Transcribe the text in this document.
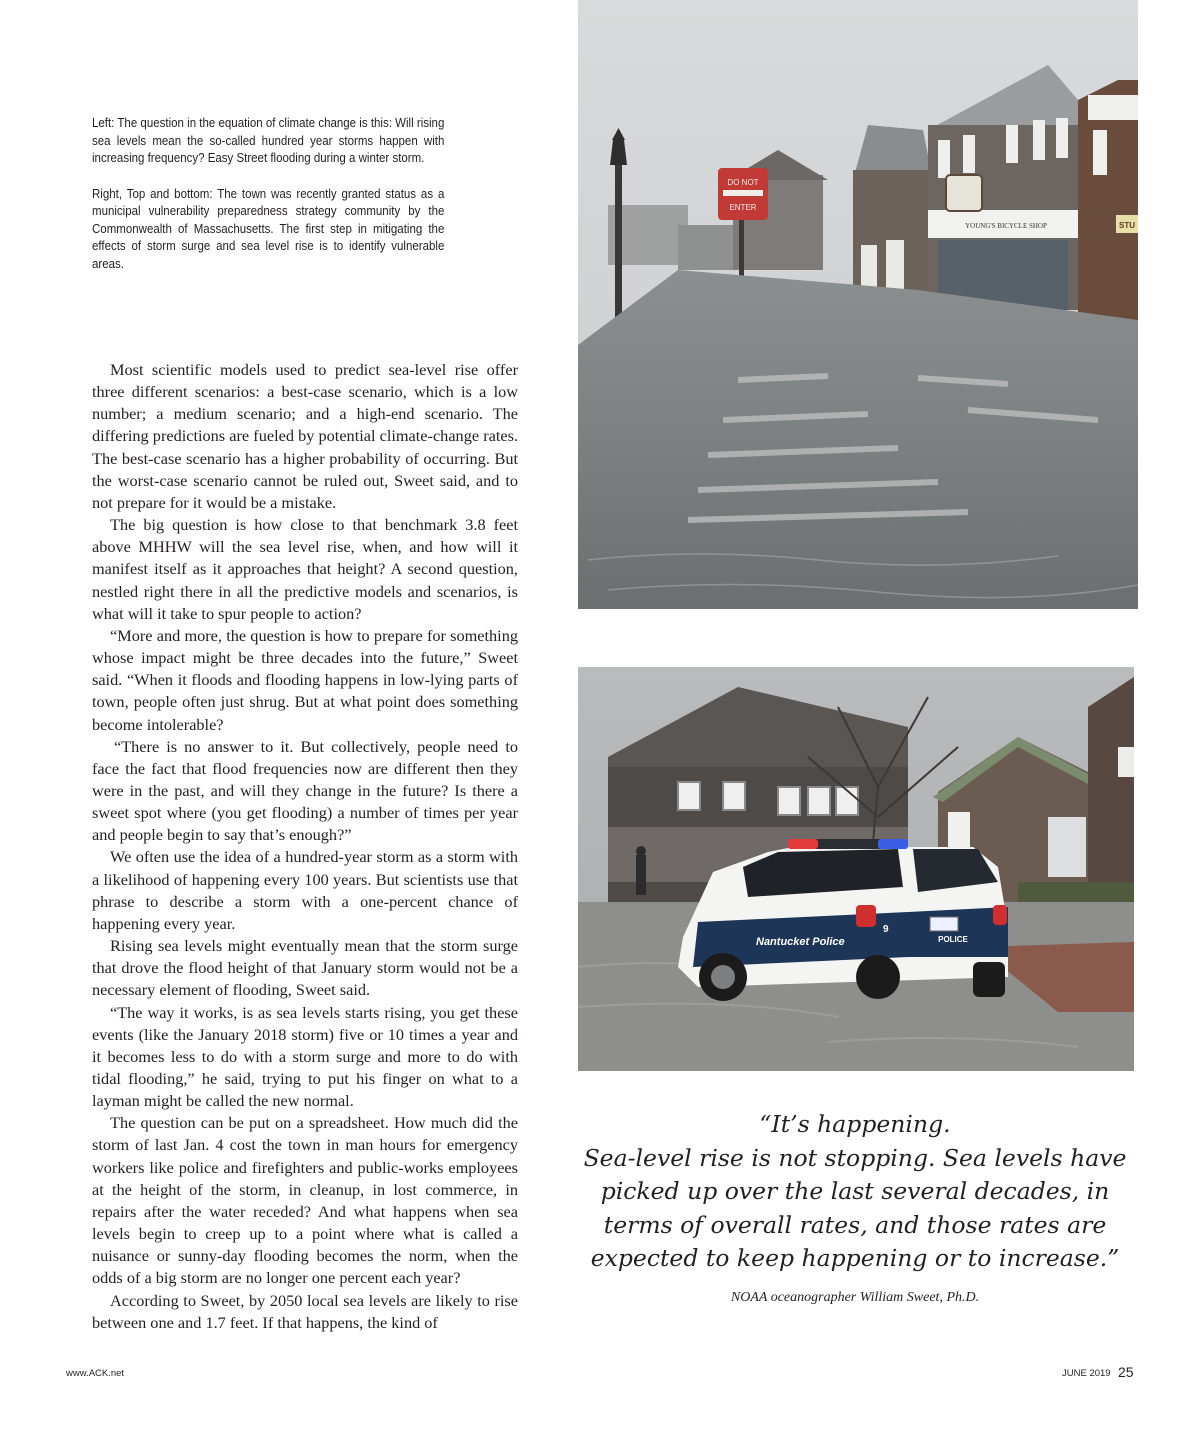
Left: The question in the equation of climate change is this: Will rising sea levels mean the so-called hundred year storms happen with increasing frequency? Easy Street flooding during a winter storm.

Right, Top and bottom: The town was recently granted status as a municipal vulnerability preparedness strategy community by the Commonwealth of Massachusetts. The first step in mitigating the effects of storm surge and sea level rise is to identify vulnerable areas.

Most scientific models used to predict sea-level rise offer three different scenarios: a best-case scenario, which is a low number; a medium scenario; and a high-end scenario. The differing predictions are fueled by potential climate-change rates. The best-case scenario has a higher probability of occurring. But the worst-case scenario cannot be ruled out, Sweet said, and to not prepare for it would be a mistake.

The big question is how close to that benchmark 3.8 feet above MHHW will the sea level rise, when, and how will it manifest itself as it approaches that height? A second question, nestled right there in all the predictive models and scenarios, is what will it take to spur people to action?

“More and more, the question is how to prepare for something whose impact might be three decades into the future,” Sweet said. “When it floods and flooding happens in low-lying parts of town, people often just shrug. But at what point does something become intolerable?

“There is no answer to it. But collectively, people need to face the fact that flood frequencies now are different then they were in the past, and will they change in the future? Is there a sweet spot where (you get flooding) a number of times per year and people begin to say that’s enough?”

We often use the idea of a hundred-year storm as a storm with a likelihood of happening every 100 years. But scientists use that phrase to describe a storm with a one-percent chance of happening every year.

Rising sea levels might eventually mean that the storm surge that drove the flood height of that January storm would not be a necessary element of flooding, Sweet said.

“The way it works, is as sea levels starts rising, you get these events (like the January 2018 storm) five or 10 times a year and it becomes less to do with a storm surge and more to do with tidal flooding,” he said, trying to put his finger on what to a layman might be called the new normal.

The question can be put on a spreadsheet. How much did the storm of last Jan. 4 cost the town in man hours for emergency workers like police and firefighters and public-works employees at the height of the storm, in cleanup, in lost commerce, in repairs after the water receded? And what happens when sea levels begin to creep up to a point where what is called a nuisance or sunny-day flooding becomes the norm, when the odds of a big storm are no longer one percent each year?

According to Sweet, by 2050 local sea levels are likely to rise between one and 1.7 feet. If that happens, the kind of

YOUNG'S BICYCLE SHOP	STU
DO NOT
ENTER
Nantucket Police	POLICE
9
“It’s happening.
Sea-level rise is not stopping. Sea levels have
picked up over the last several decades, in
terms of overall rates, and those rates are
expected to keep happening or to increase.”
NOAA oceanographer William Sweet, Ph.D.
www.ACK.net	JUNE 2019 25
